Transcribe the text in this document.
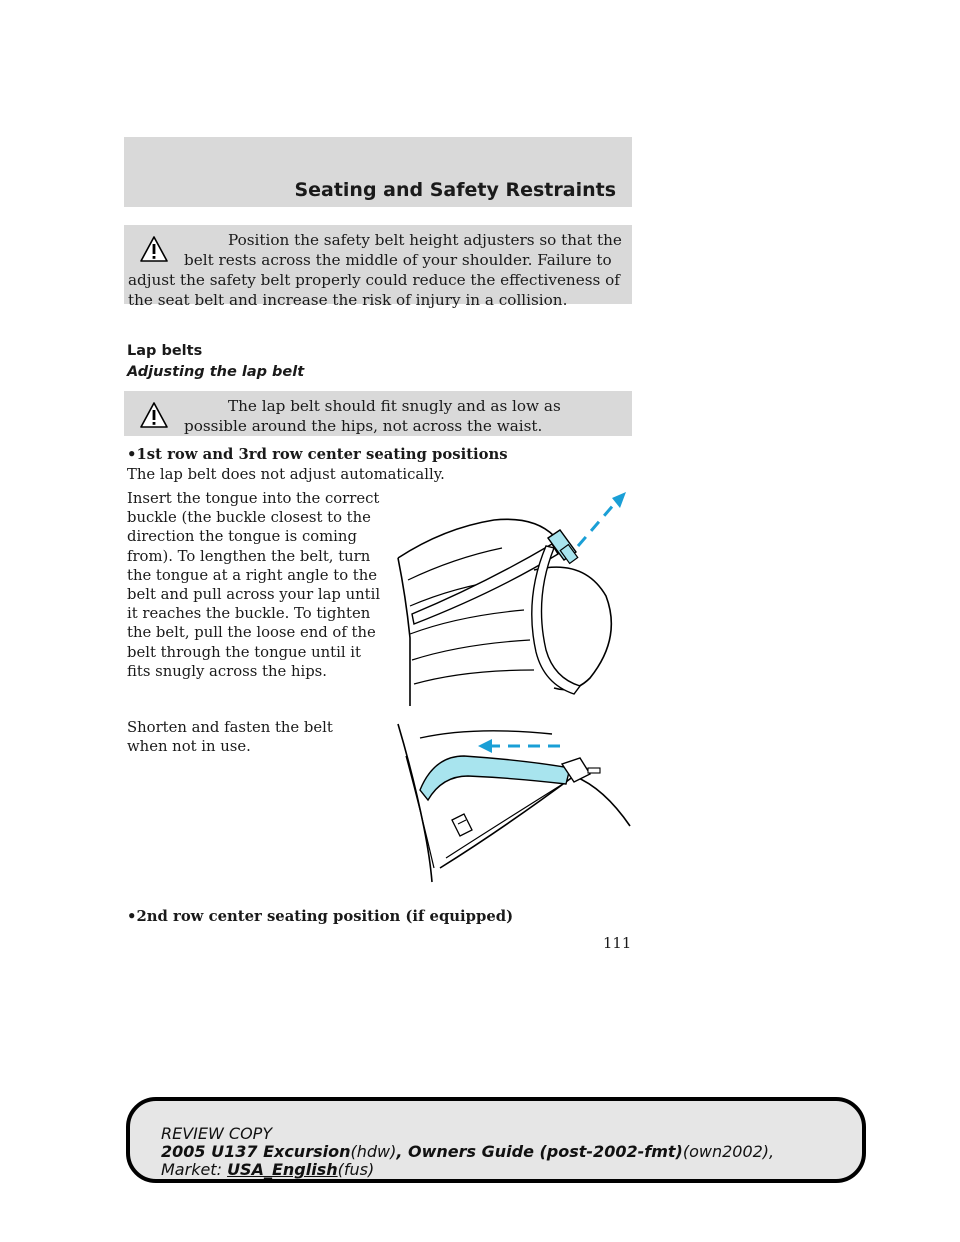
Seating and Safety Restraints

Position the safety belt height adjusters so that the belt rests across the middle of your shoulder. Failure to adjust the safety belt properly could reduce the effectiveness of the seat belt and increase the risk of injury in a collision.

Lap belts
Adjusting the lap belt

The lap belt should fit snugly and as low as possible around the hips, not across the waist.

•1st row and 3rd row center seating positions

The lap belt does not adjust automatically.

Insert the tongue into the correct buckle (the buckle closest to the direction the tongue is coming from). To lengthen the belt, turn the tongue at a right angle to the belt and pull across your lap until it reaches the buckle. To tighten the belt, pull the loose end of the belt through the tongue until it fits snugly across the hips.

Shorten and fasten the belt when not in use.

•2nd row center seating position (if equipped)
111
REVIEW COPY
2005 U137 Excursion(hdw), Owners Guide (post-2002-fmt)(own2002),
Market: USA_English(fus)
